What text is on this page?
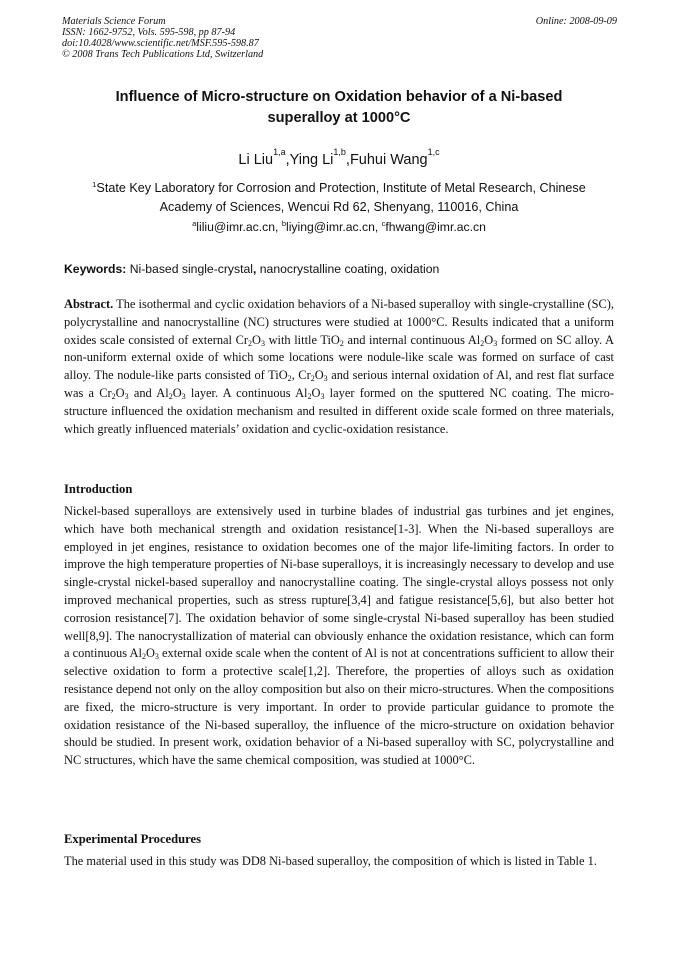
Materials Science Forum
ISSN: 1662-9752, Vols. 595-598, pp 87-94
doi:10.4028/www.scientific.net/MSF.595-598.87
© 2008 Trans Tech Publications Ltd, Switzerland
Online: 2008-09-09
Influence of Micro-structure on Oxidation behavior of a Ni-based
superalloy at 1000°C
Li Liu$^{1,a}$,Ying Li$^{1,b}$,Fuhui Wang$^{1,c}$
$^1$State Key Laboratory for Corrosion and Protection, Institute of Metal Research, Chinese
Academy of Sciences, Wencui Rd 62, Shenyang, 110016, China
$^a$liliu@imr.ac.cn, $^b$liying@imr.ac.cn, $^c$fhwang@imr.ac.cn
Keywords: Ni-based single-crystal, nanocrystalline coating, oxidation
Abstract. The isothermal and cyclic oxidation behaviors of a Ni-based superalloy with single-crystalline (SC), polycrystalline and nanocrystalline (NC) structures were studied at 1000°C. Results indicated that a uniform oxides scale consisted of external $Cr_2O_3$ with little TiO$_2$ and internal continuous $Al_2O_3$ formed on SC alloy. A non-uniform external oxide of which some locations were nodule-like scale was formed on surface of cast alloy. The nodule-like parts consisted of TiO$_2$, $Cr_2O_3$ and serious internal oxidation of Al, and rest flat surface was a $Cr_2O_3$ and $Al_2O_3$ layer. A continuous $Al_2O_3$ layer formed on the sputtered NC coating. The micro-structure influenced the oxidation mechanism and resulted in different oxide scale formed on three materials, which greatly influenced materials’ oxidation and cyclic-oxidation resistance.
Introduction
Nickel-based superalloys are extensively used in turbine blades of industrial gas turbines and jet engines, which have both mechanical strength and oxidation resistance[1-3]. When the Ni-based superalloys are employed in jet engines, resistance to oxidation becomes one of the major life-limiting factors. In order to improve the high temperature properties of Ni-base superalloys, it is increasingly necessary to develop and use single-crystal nickel-based superalloy and nanocrystalline coating. The single-crystal alloys possess not only improved mechanical properties, such as stress rupture[3,4] and fatigue resistance[5,6], but also better hot corrosion resistance[7]. The oxidation behavior of some single-crystal Ni-based superalloy has been studied well[8,9]. The nanocrystallization of material can obviously enhance the oxidation resistance, which can form a continuous $Al_2O_3$ external oxide scale when the content of Al is not at concentrations sufficient to allow their selective oxidation to form a protective scale[1,2]. Therefore, the properties of alloys such as oxidation resistance depend not only on the alloy composition but also on their micro-structures. When the compositions are fixed, the micro-structure is very important. In order to provide particular guidance to promote the oxidation resistance of the Ni-based superalloy, the influence of the micro-structure on oxidation behavior should be studied. In present work, oxidation behavior of a Ni-based superalloy with SC, polycrystalline and NC structures, which have the same chemical composition, was studied at 1000°C.
Experimental Procedures
The material used in this study was DD8 Ni-based superalloy, the composition of which is listed in Table 1.
